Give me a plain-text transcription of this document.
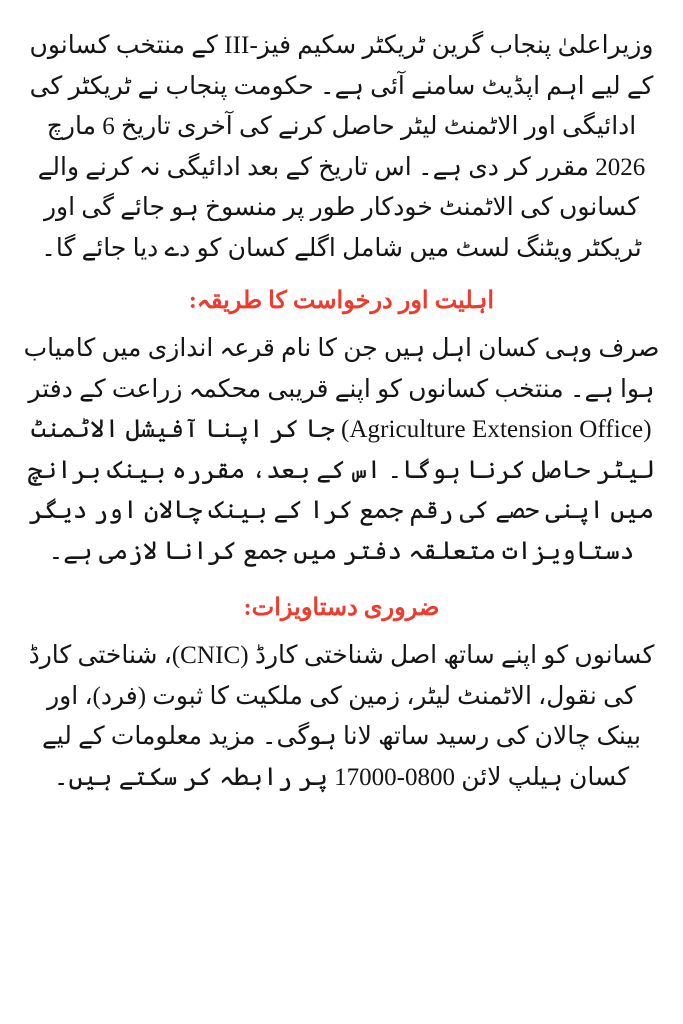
وزیراعلیٰ پنجاب گرین ٹریکٹر سکیم فیز-III کے منتخب کسانوں کے لیے اہم اپڈیٹ سامنے آئی ہے۔ حکومت پنجاب نے ٹریکٹر کی ادائیگی اور الاٹمنٹ لیٹر حاصل کرنے کی آخری تاریخ 6 مارچ 2026 مقرر کر دی ہے۔ اس تاریخ کے بعد ادائیگی نہ کرنے والے کسانوں کی الاٹمنٹ خودکار طور پر منسوخ ہو جائے گی اور ٹریکٹر ویٹنگ لسٹ میں شامل اگلے کسان کو دے دیا جائے گا۔

اہلیت اور درخواست کا طریقہ:

صرف وہی کسان اہل ہیں جن کا نام قرعہ اندازی میں کامیاب ہوا ہے۔ منتخب کسانوں کو اپنے قریبی محکمہ زراعت کے دفتر (Agriculture Extension Office) جا کر اپنا آفیشل الاٹمنٹ لیٹر حاصل کرنا ہوگا۔ اس کے بعد، مقررہ بینک برانچ میں اپنی حصے کی رقم جمع کرا کے بینک چالان اور دیگر دستاویزات متعلقہ دفتر میں جمع کرانا لازمی ہے۔

ضروری دستاویزات:

کسانوں کو اپنے ساتھ اصل شناختی کارڈ (CNIC)، شناختی کارڈ کی نقول، الاٹمنٹ لیٹر، زمین کی ملکیت کا ثبوت (فرد)، اور بینک چالان کی رسید ساتھ لانا ہوگی۔ مزید معلومات کے لیے کسان ہیلپ لائن 0800-17000 پر رابطہ کر سکتے ہیں۔
